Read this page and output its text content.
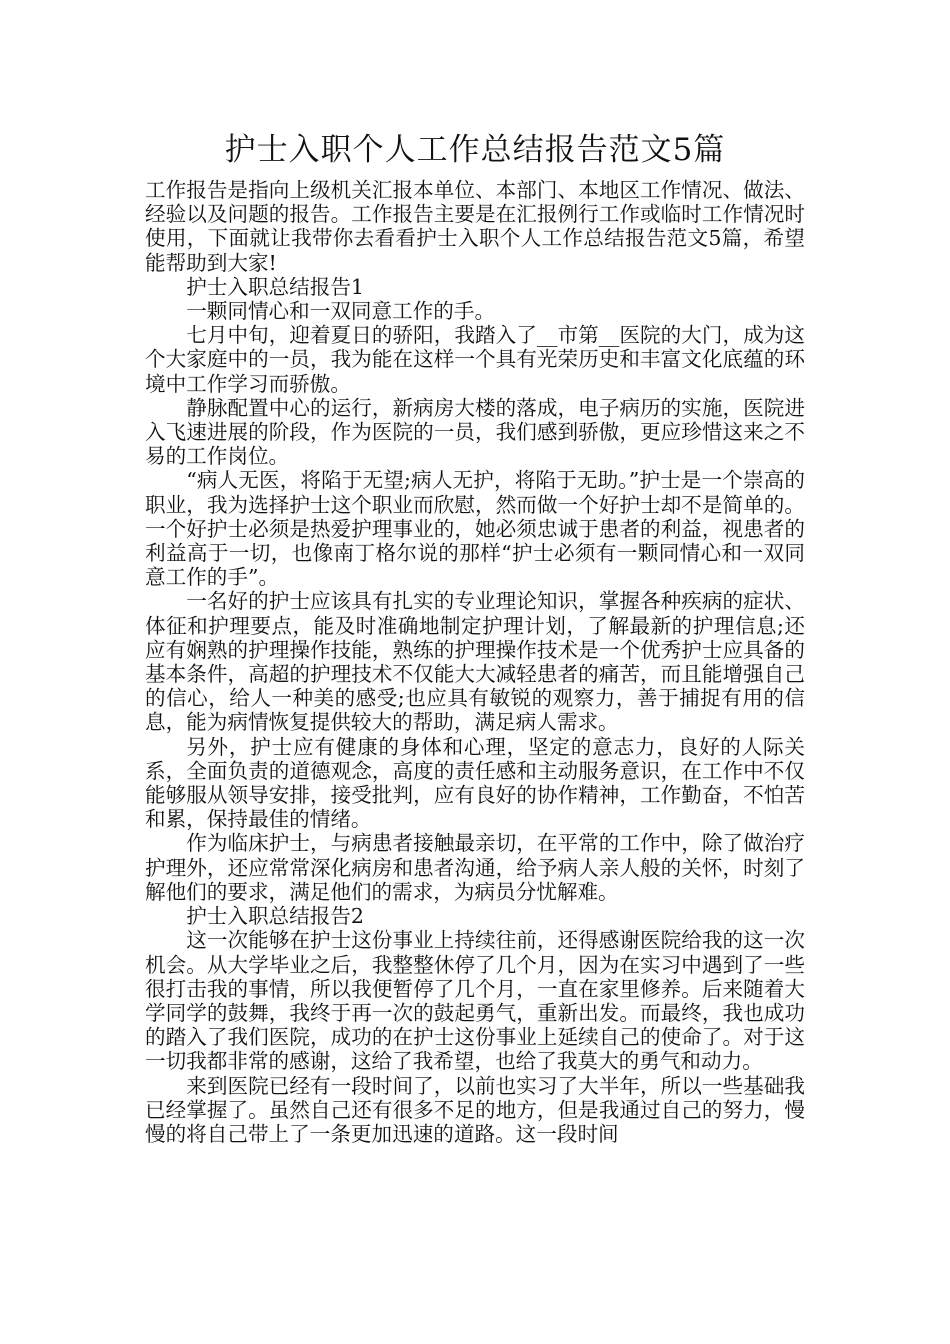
护士入职个人工作总结报告范文5篇

工作报告是指向上级机关汇报本单位、本部门、本地区工作情况、做法、经验以及问题的报告。工作报告主要是在汇报例行工作或临时工作情况时使用，下面就让我带你去看看护士入职个人工作总结报告范文5篇，希望能帮助到大家!

护士入职总结报告1

一颗同情心和一双同意工作的手。

七月中旬，迎着夏日的骄阳，我踏入了__市第__医院的大门，成为这个大家庭中的一员，我为能在这样一个具有光荣历史和丰富文化底蕴的环境中工作学习而骄傲。

静脉配置中心的运行，新病房大楼的落成，电子病历的实施，医院进入飞速进展的阶段，作为医院的一员，我们感到骄傲，更应珍惜这来之不易的工作岗位。

“病人无医，将陷于无望;病人无护，将陷于无助。”护士是一个崇高的职业，我为选择护士这个职业而欣慰，然而做一个好护士却不是简单的。一个好护士必须是热爱护理事业的，她必须忠诚于患者的利益，视患者的利益高于一切，也像南丁格尔说的那样“护士必须有一颗同情心和一双同意工作的手”。

一名好的护士应该具有扎实的专业理论知识，掌握各种疾病的症状、体征和护理要点，能及时准确地制定护理计划，了解最新的护理信息;还应有娴熟的护理操作技能，熟练的护理操作技术是一个优秀护士应具备的基本条件，高超的护理技术不仅能大大减轻患者的痛苦，而且能增强自己的信心，给人一种美的感受;也应具有敏锐的观察力，善于捕捉有用的信息，能为病情恢复提供较大的帮助，满足病人需求。

另外，护士应有健康的身体和心理，坚定的意志力，良好的人际关系，全面负责的道德观念，高度的责任感和主动服务意识，在工作中不仅能够服从领导安排，接受批判，应有良好的协作精神，工作勤奋，不怕苦和累，保持最佳的情绪。

作为临床护士，与病患者接触最亲切，在平常的工作中，除了做治疗护理外，还应常常深化病房和患者沟通，给予病人亲人般的关怀，时刻了解他们的要求，满足他们的需求，为病员分忧解难。

护士入职总结报告2

这一次能够在护士这份事业上持续往前，还得感谢医院给我的这一次机会。从大学毕业之后，我整整休停了几个月，因为在实习中遇到了一些很打击我的事情，所以我便暂停了几个月，一直在家里修养。后来随着大学同学的鼓舞，我终于再一次的鼓起勇气，重新出发。而最终，我也成功的踏入了我们医院，成功的在护士这份事业上延续自己的使命了。对于这一切我都非常的感谢，这给了我希望，也给了我莫大的勇气和动力。

来到医院已经有一段时间了，以前也实习了大半年，所以一些基础我已经掌握了。虽然自己还有很多不足的地方，但是我通过自己的努力，慢慢的将自己带上了一条更加迅速的道路。这一段时间
